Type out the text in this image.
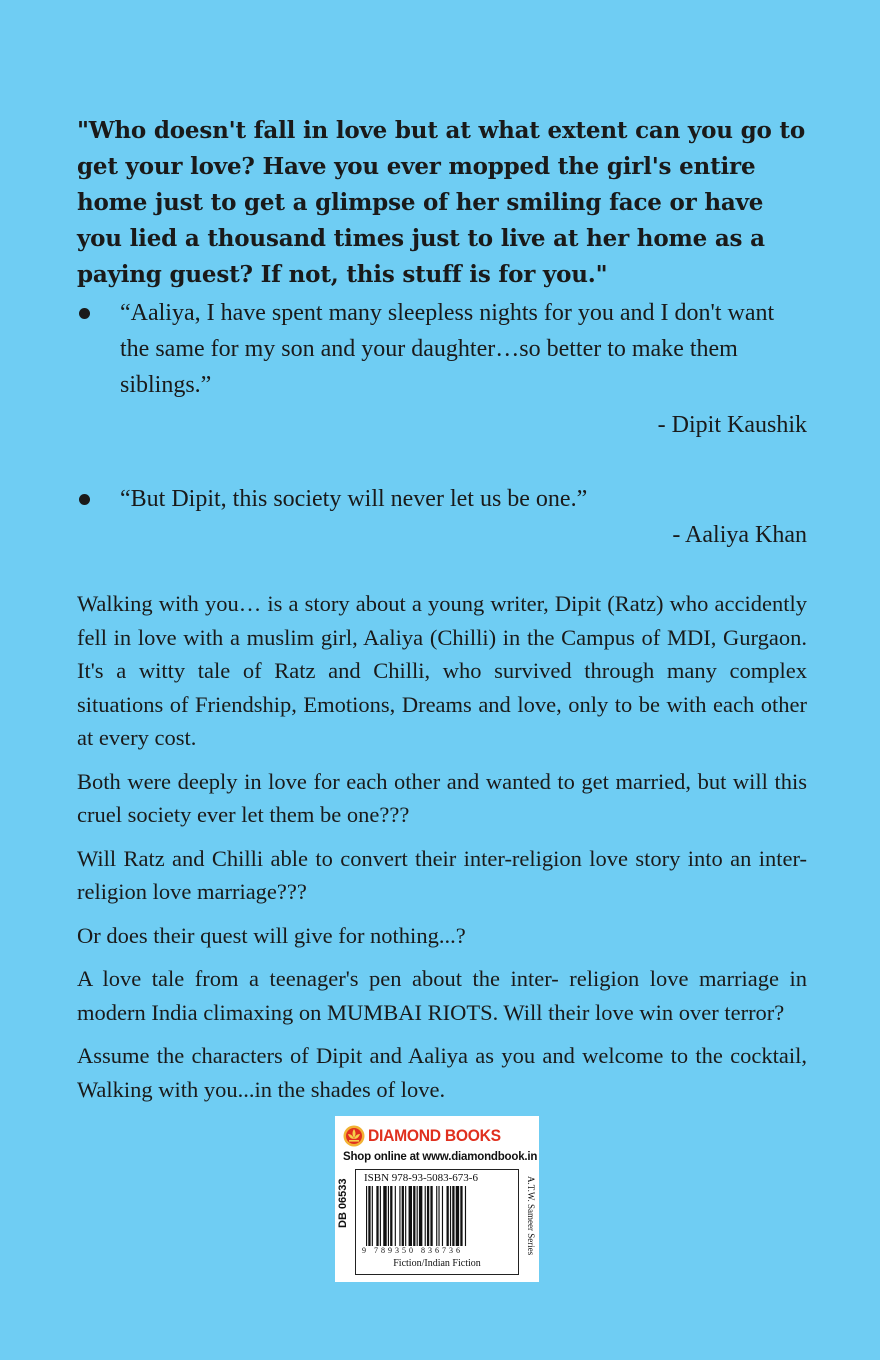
"Who doesn't fall in love but at what extent can you go to get your love? Have you ever mopped the girl's entire home just to get a glimpse of her smiling face or have you lied a thousand times just to live at her home as a paying guest? If not, this stuff is for you."

“Aaliya, I have spent many sleepless nights for you and I don't want the same for my son and your daughter…so better to make them siblings.”
- Dipit Kaushik
“But Dipit, this society will never let us be one.”
- Aaliya Khan

Walking with you… is a story about a young writer, Dipit (Ratz) who accidently fell in love with a muslim girl, Aaliya (Chilli) in the Campus of MDI, Gurgaon. It's a witty tale of Ratz and Chilli, who survived through many complex situations of Friendship, Emotions, Dreams and love, only to be with each other at every cost.

Both were deeply in love for each other and wanted to get married, but will this cruel society ever let them be one???

Will Ratz and Chilli able to convert their inter-religion love story into an inter-religion love marriage???

Or does their quest will give for nothing...?

A love tale from a teenager's pen about the inter- religion love marriage in modern India climaxing on MUMBAI RIOTS. Will their love win over terror?

Assume the characters of Dipit and Aaliya as you and welcome to the cocktail, Walking with you...in the shades of love.

DIAMOND BOOKS
Shop online at www.diamondbook.in
ISBN 978-93-5083-673-6
9 789350 836736
Fiction/Indian Fiction
DB 06533	A.T.W. Sameer Series
